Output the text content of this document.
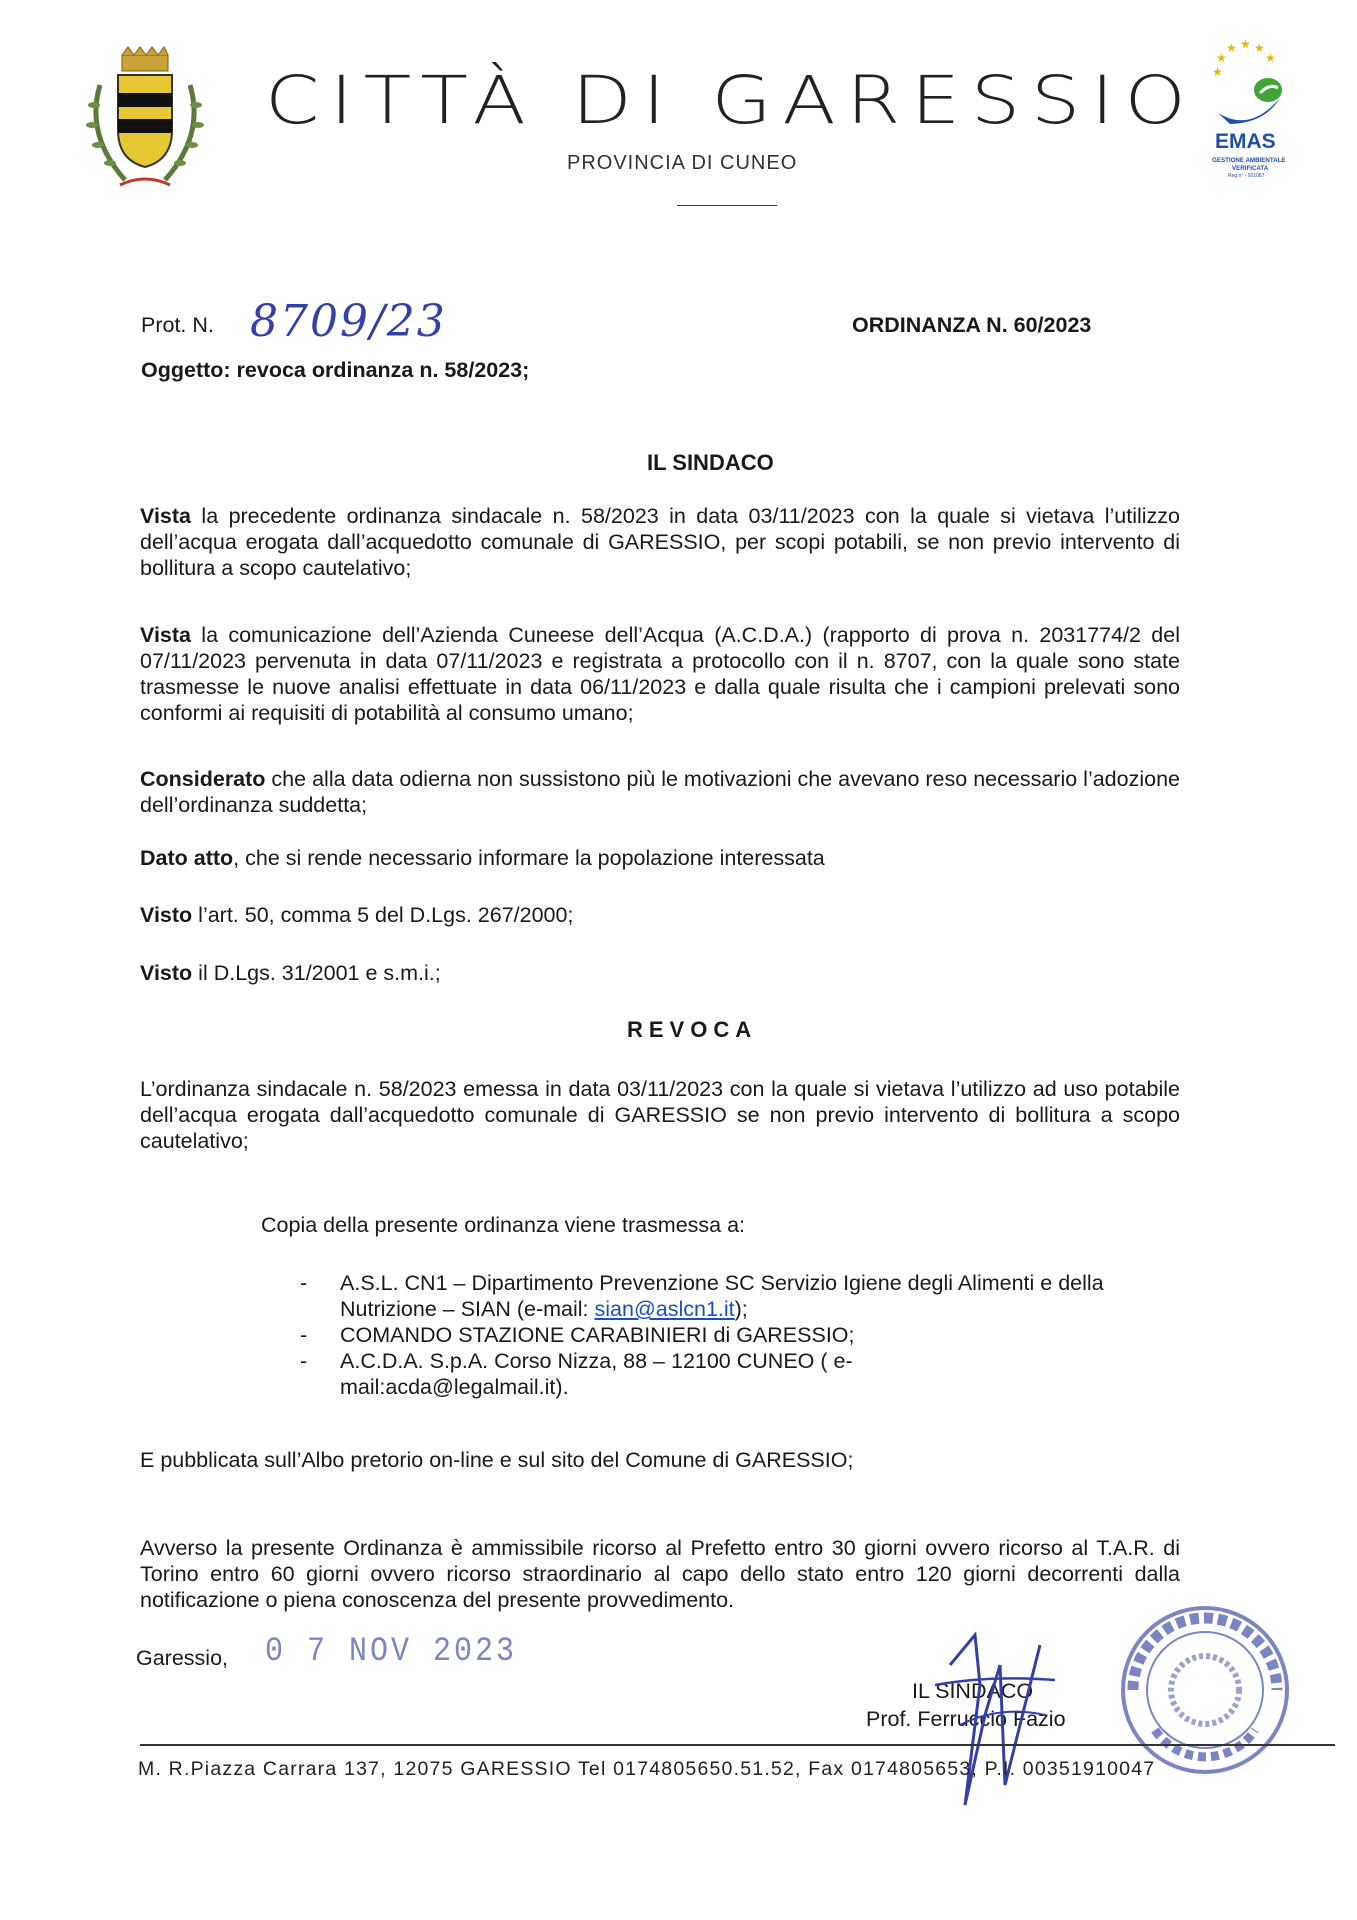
CITTÀ DI GARESSIO
PROVINCIA DI CUNEO
★ ★ ★
★
★
★
EMAS
GESTIONE AMBIENTALE
VERIFICATA
Reg.n° - 001087
Prot. N. 8709/23	ORDINANZA N. 60/2023
Oggetto: revoca ordinanza n. 58/2023;
IL SINDACO
Vista la precedente ordinanza sindacale n. 58/2023 in data 03/11/2023 con la quale si vietava l’utilizzo dell’acqua erogata dall’acquedotto comunale di GARESSIO, per scopi potabili, se non previo intervento di bollitura a scopo cautelativo;
Vista la comunicazione dell’Azienda Cuneese dell’Acqua (A.C.D.A.) (rapporto di prova n. 2031774/2 del 07/11/2023 pervenuta in data 07/11/2023 e registrata a protocollo con il n. 8707, con la quale sono state trasmesse le nuove analisi effettuate in data 06/11/2023 e dalla quale risulta che i campioni prelevati sono conformi ai requisiti di potabilità al consumo umano;
Considerato che alla data odierna non sussistono più le motivazioni che avevano reso necessario l’adozione dell’ordinanza suddetta;
Dato atto, che si rende necessario informare la popolazione interessata
Visto l’art. 50, comma 5 del D.Lgs. 267/2000;
Visto il D.Lgs. 31/2001 e s.m.i.;
REVOCA
L’ordinanza sindacale n. 58/2023 emessa in data 03/11/2023 con la quale si vietava l’utilizzo ad uso potabile dell’acqua erogata dall’acquedotto comunale di GARESSIO se non previo intervento di bollitura a scopo cautelativo;
Copia della presente ordinanza viene trasmessa a:
- A.S.L. CN1 – Dipartimento Prevenzione SC Servizio Igiene degli Alimenti e della Nutrizione – SIAN (e-mail: sian@aslcn1.it);
- COMANDO STAZIONE CARABINIERI di GARESSIO;
- A.C.D.A. S.p.A. Corso Nizza, 88 – 12100 CUNEO ( e-mail:acda@legalmail.it).
E pubblicata sull’Albo pretorio on-line e sul sito del Comune di GARESSIO;
Avverso la presente Ordinanza è ammissibile ricorso al Prefetto entro 30 giorni ovvero ricorso al T.A.R. di Torino entro 60 giorni ovvero ricorso straordinario al capo dello stato entro 120 giorni decorrenti dalla notificazione o piena conoscenza del presente provvedimento.
Garessio, 0 7 NOV 2023
IL SINDACO
Prof. Ferruccio Fazio
M. R.Piazza Carrara 137, 12075 GARESSIO Tel 0174805650.51.52, Fax 0174805653, P.I. 00351910047
